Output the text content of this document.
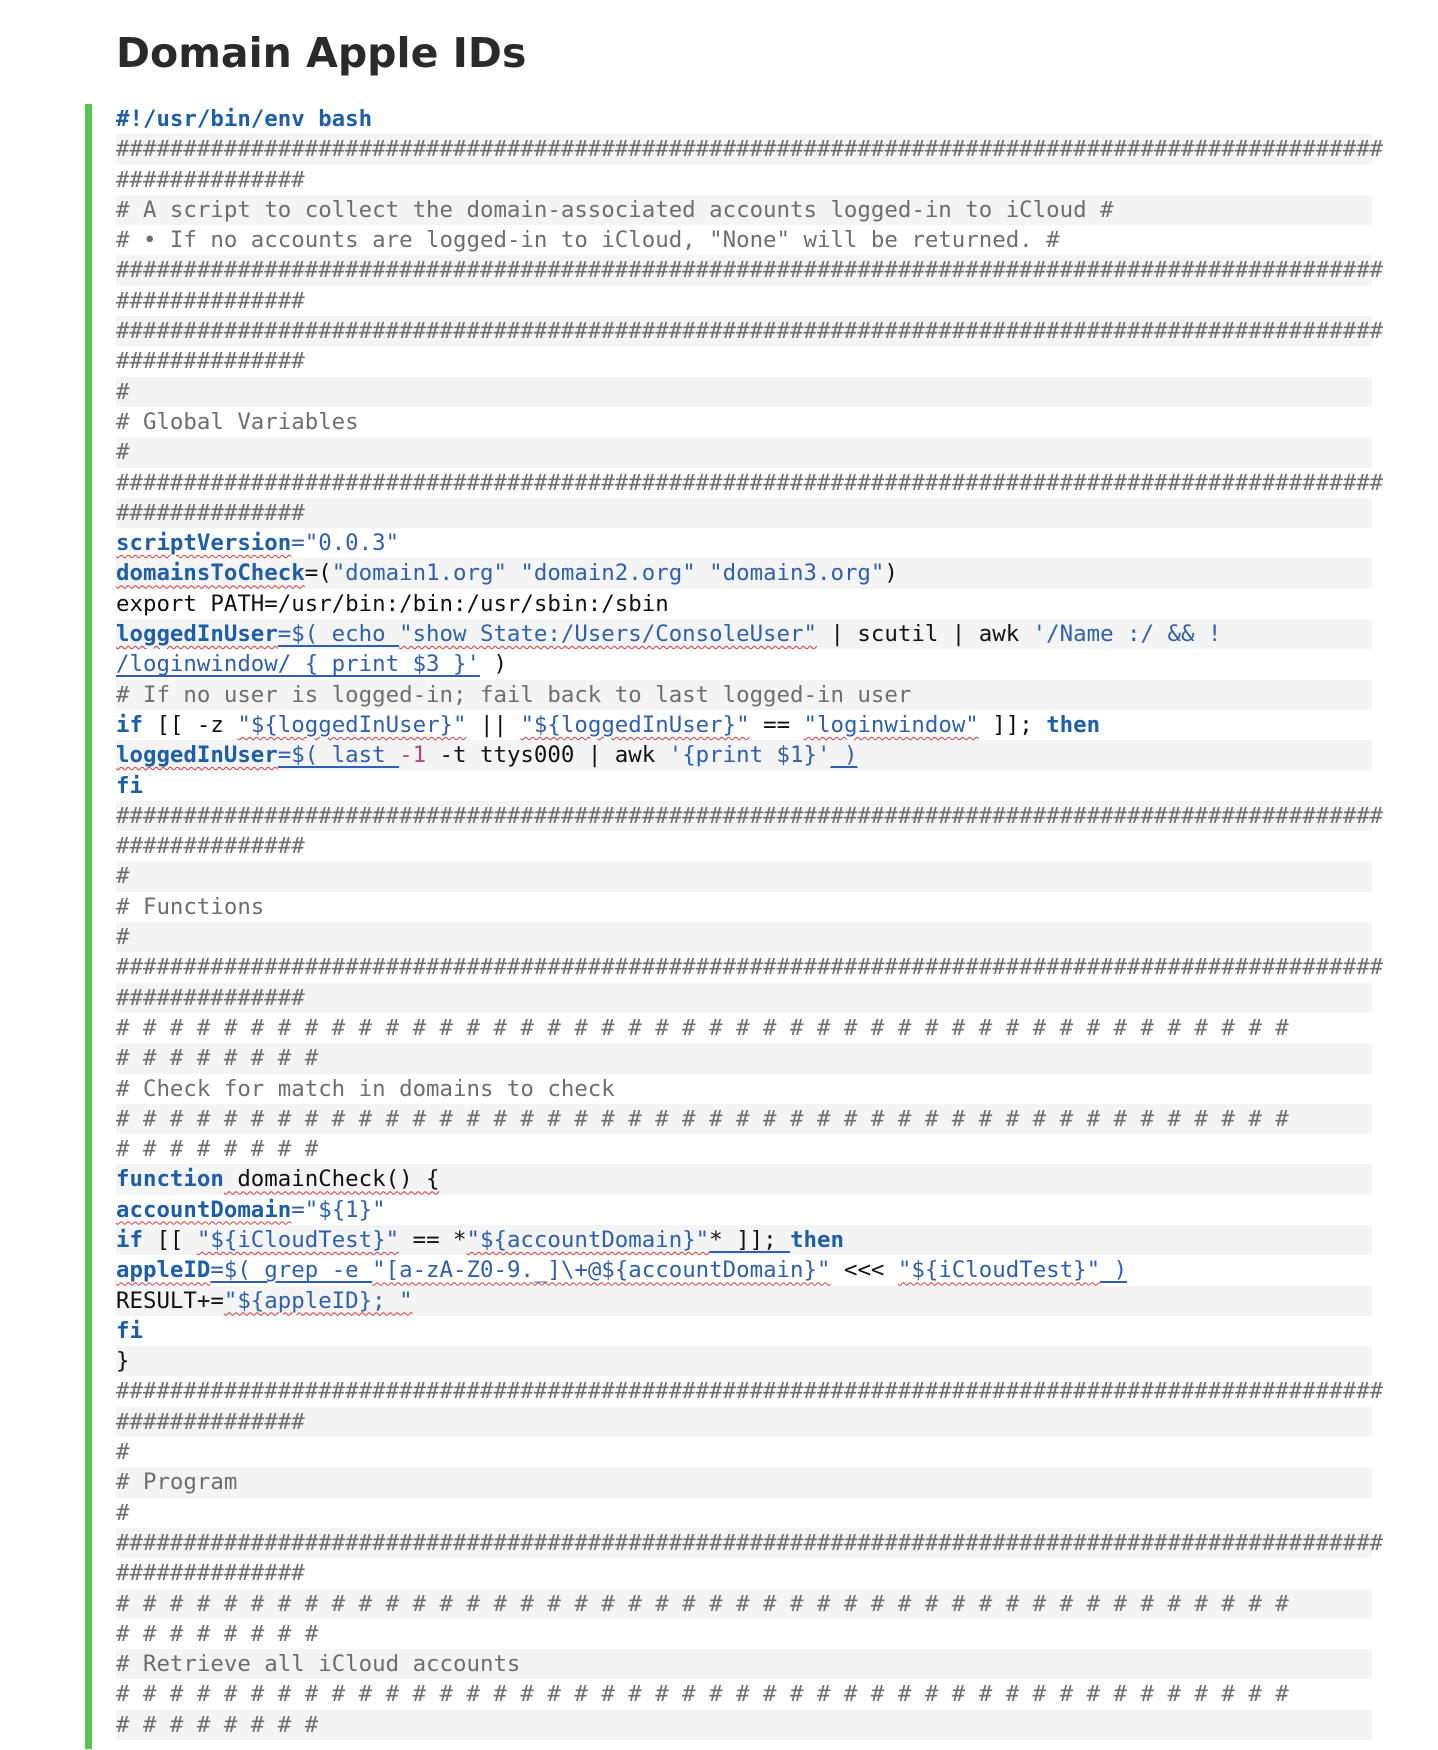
Domain Apple IDs
#!/usr/bin/env bash
##############################################################################################
##############
# A script to collect the domain-associated accounts logged-in to iCloud #
# • If no accounts are logged-in to iCloud, "None" will be returned. #
##############################################################################################
##############
##############################################################################################
##############
#
# Global Variables
#
##############################################################################################
##############
scriptVersion="0.0.3"
domainsToCheck=("domain1.org" "domain2.org" "domain3.org")
export PATH=/usr/bin:/bin:/usr/sbin:/sbin
loggedInUser=$( echo "show State:/Users/ConsoleUser" | scutil | awk '/Name :/ && !
/loginwindow/ { print $3 }' )
# If no user is logged-in; fail back to last logged-in user
if [[ -z "${loggedInUser}" || "${loggedInUser}" == "loginwindow" ]]; then
loggedInUser=$( last -1 -t ttys000 | awk '{print $1}' )
fi
##############################################################################################
##############
#
# Functions
#
##############################################################################################
##############
# # # # # # # # # # # # # # # # # # # # # # # # # # # # # # # # # # # # # # # # # # # #
# # # # # # # #
# Check for match in domains to check
# # # # # # # # # # # # # # # # # # # # # # # # # # # # # # # # # # # # # # # # # # # #
# # # # # # # #
function domainCheck() {
accountDomain="${1}"
if [[ "${iCloudTest}" == *"${accountDomain}"* ]]; then
appleID=$( grep -e "[a-zA-Z0-9._]\+@${accountDomain}" <<< "${iCloudTest}" )
RESULT+="${appleID}; "
fi
}
##############################################################################################
##############
#
# Program
#
##############################################################################################
##############
# # # # # # # # # # # # # # # # # # # # # # # # # # # # # # # # # # # # # # # # # # # #
# # # # # # # #
# Retrieve all iCloud accounts
# # # # # # # # # # # # # # # # # # # # # # # # # # # # # # # # # # # # # # # # # # # #
# # # # # # # #
